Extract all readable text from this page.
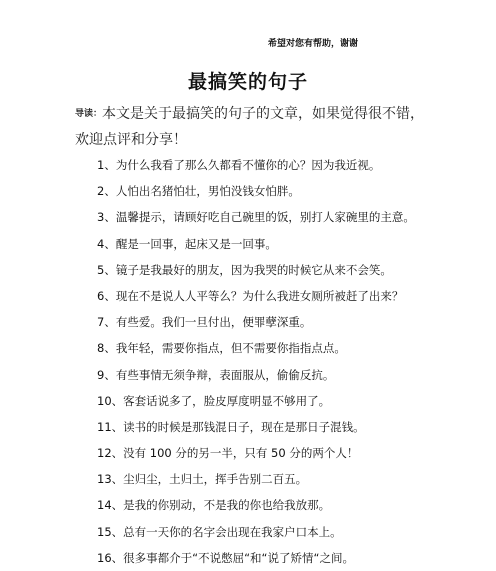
希望对您有帮助，谢谢
最搞笑的句子
导读：本文是关于最搞笑的句子的文章，如果觉得很不错，欢迎点评和分享！
1、为什么我看了那么久都看不懂你的心？因为我近视。
2、人怕出名猪怕壮，男怕没钱女怕胖。
3、温馨提示，请顾好吃自己碗里的饭，别打人家碗里的主意。
4、醒是一回事，起床又是一回事。
5、镜子是我最好的朋友，因为我哭的时候它从来不会笑。
6、现在不是说人人平等么？为什么我进女厕所被赶了出来？
7、有些爱。我们一旦付出，便罪孽深重。
8、我年轻，需要你指点，但不需要你指指点点。
9、有些事情无须争辩，表面服从，偷偷反抗。
10、客套话说多了，脸皮厚度明显不够用了。
11、读书的时候是那钱混日子，现在是那日子混钱。
12、没有 100 分的另一半，只有 50 分的两个人！
13、尘归尘，土归土，挥手告别二百五。
14、是我的你别动，不是我的你也给我放那。
15、总有一天你的名字会出现在我家户口本上。
16、很多事都介于“不说憋屈“和“说了矫情“之间。
